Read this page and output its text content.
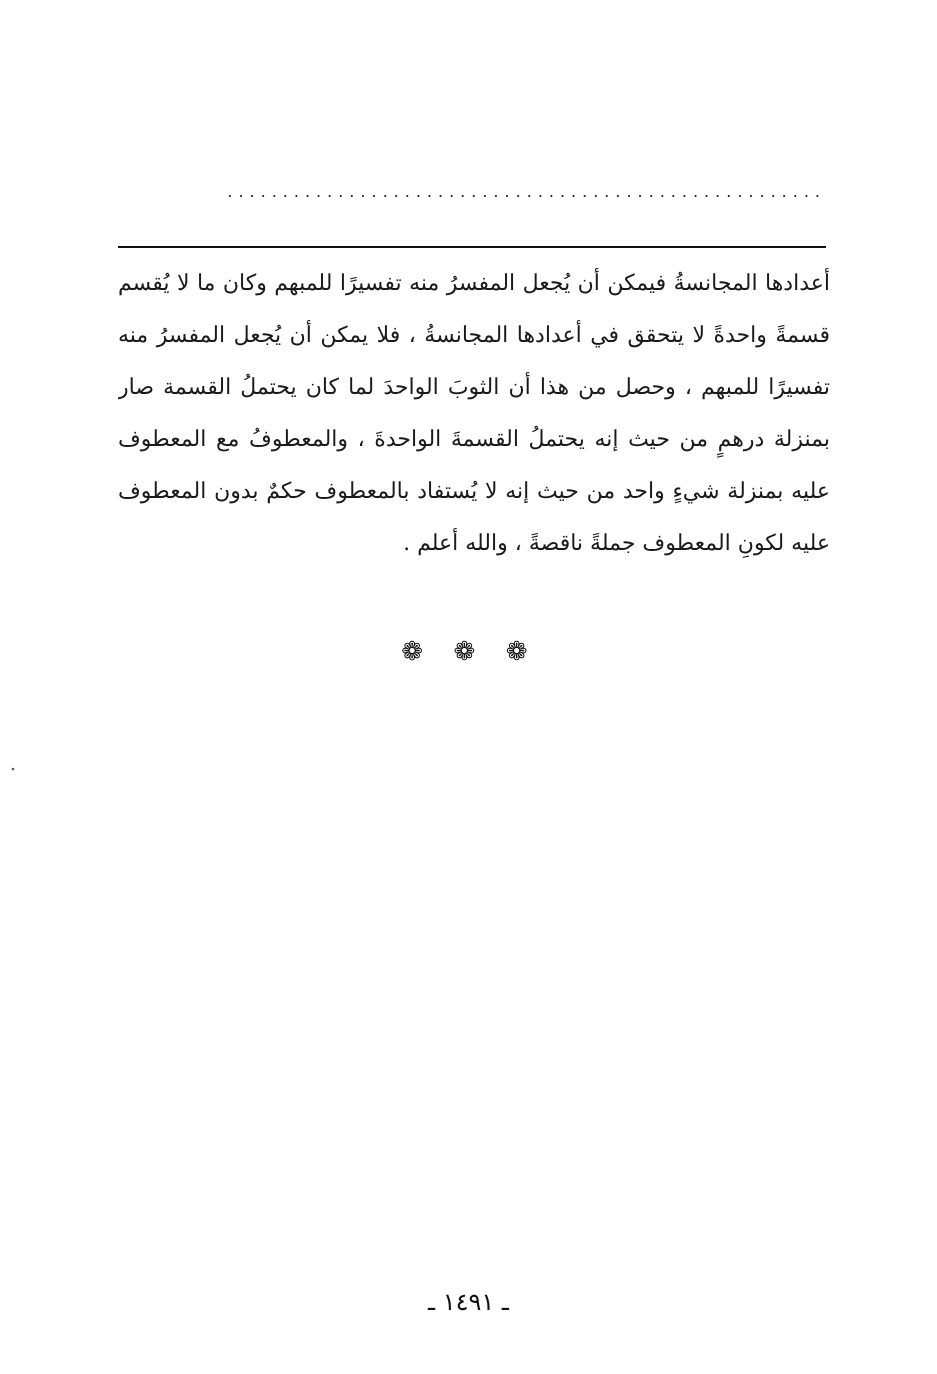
......................................................
أعدادها المجانسةُ فيمكن أن يُجعل المفسرُ منه تفسيرًا للمبهم وكان ما لا يُقسم
قسمةً واحدةً لا يتحقق في أعدادها المجانسةُ ، فلا يمكن أن يُجعل المفسرُ منه
تفسيرًا للمبهم ، وحصل من هذا أن الثوبَ الواحدَ لما كان يحتملُ القسمة صار
بمنزلة درهمٍ من حيث إنه يحتملُ القسمةَ الواحدةَ ، والمعطوفُ مع المعطوف
عليه بمنزلة شيءٍ واحد من حيث إنه لا يُستفاد بالمعطوف حكمٌ بدون المعطوف
عليه لكونِ المعطوف جملةً ناقصةً ، والله أعلم .
❁ ❁ ❁
ـ ١٤٩١ ـ
